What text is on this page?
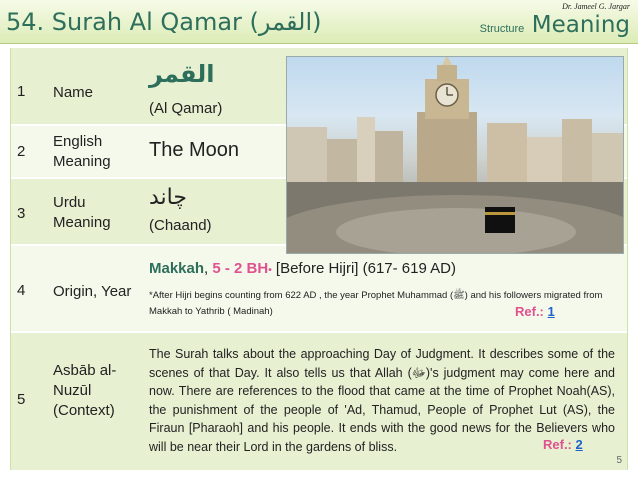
54. Surah Al Qamar (القمر)
Dr. Jameel G. Jargar
Structure Meaning
1 Name
القمر
(Al Qamar)
2
English Meaning
The Moon
3
Urdu Meaning
چاند
(Chaand)
4 Origin, Year
Makkah, 5 - 2 BH• [Before Hijri] (617- 619 AD)
*After Hijri begins counting from 622 AD , the year Prophet Muhammad (ﷺ) and his followers migrated from Makkah to Yathrib ( Madinah)	Ref.: 1
5
Asbāb al-Nuzūl (Context)
The Surah talks about the approaching Day of Judgment. It describes some of the scenes of that Day. It also tells us that Allah (ﷻ)'s judgment may come here and now. There are references to the flood that came at the time of Prophet Noah(AS), the punishment of the people of 'Ad, Thamud, People of Prophet Lut (AS), the Firaun [Pharaoh] and his people. It ends with the good news for the Believers who will be near their Lord in the gardens of bliss.	Ref.: 2
5
